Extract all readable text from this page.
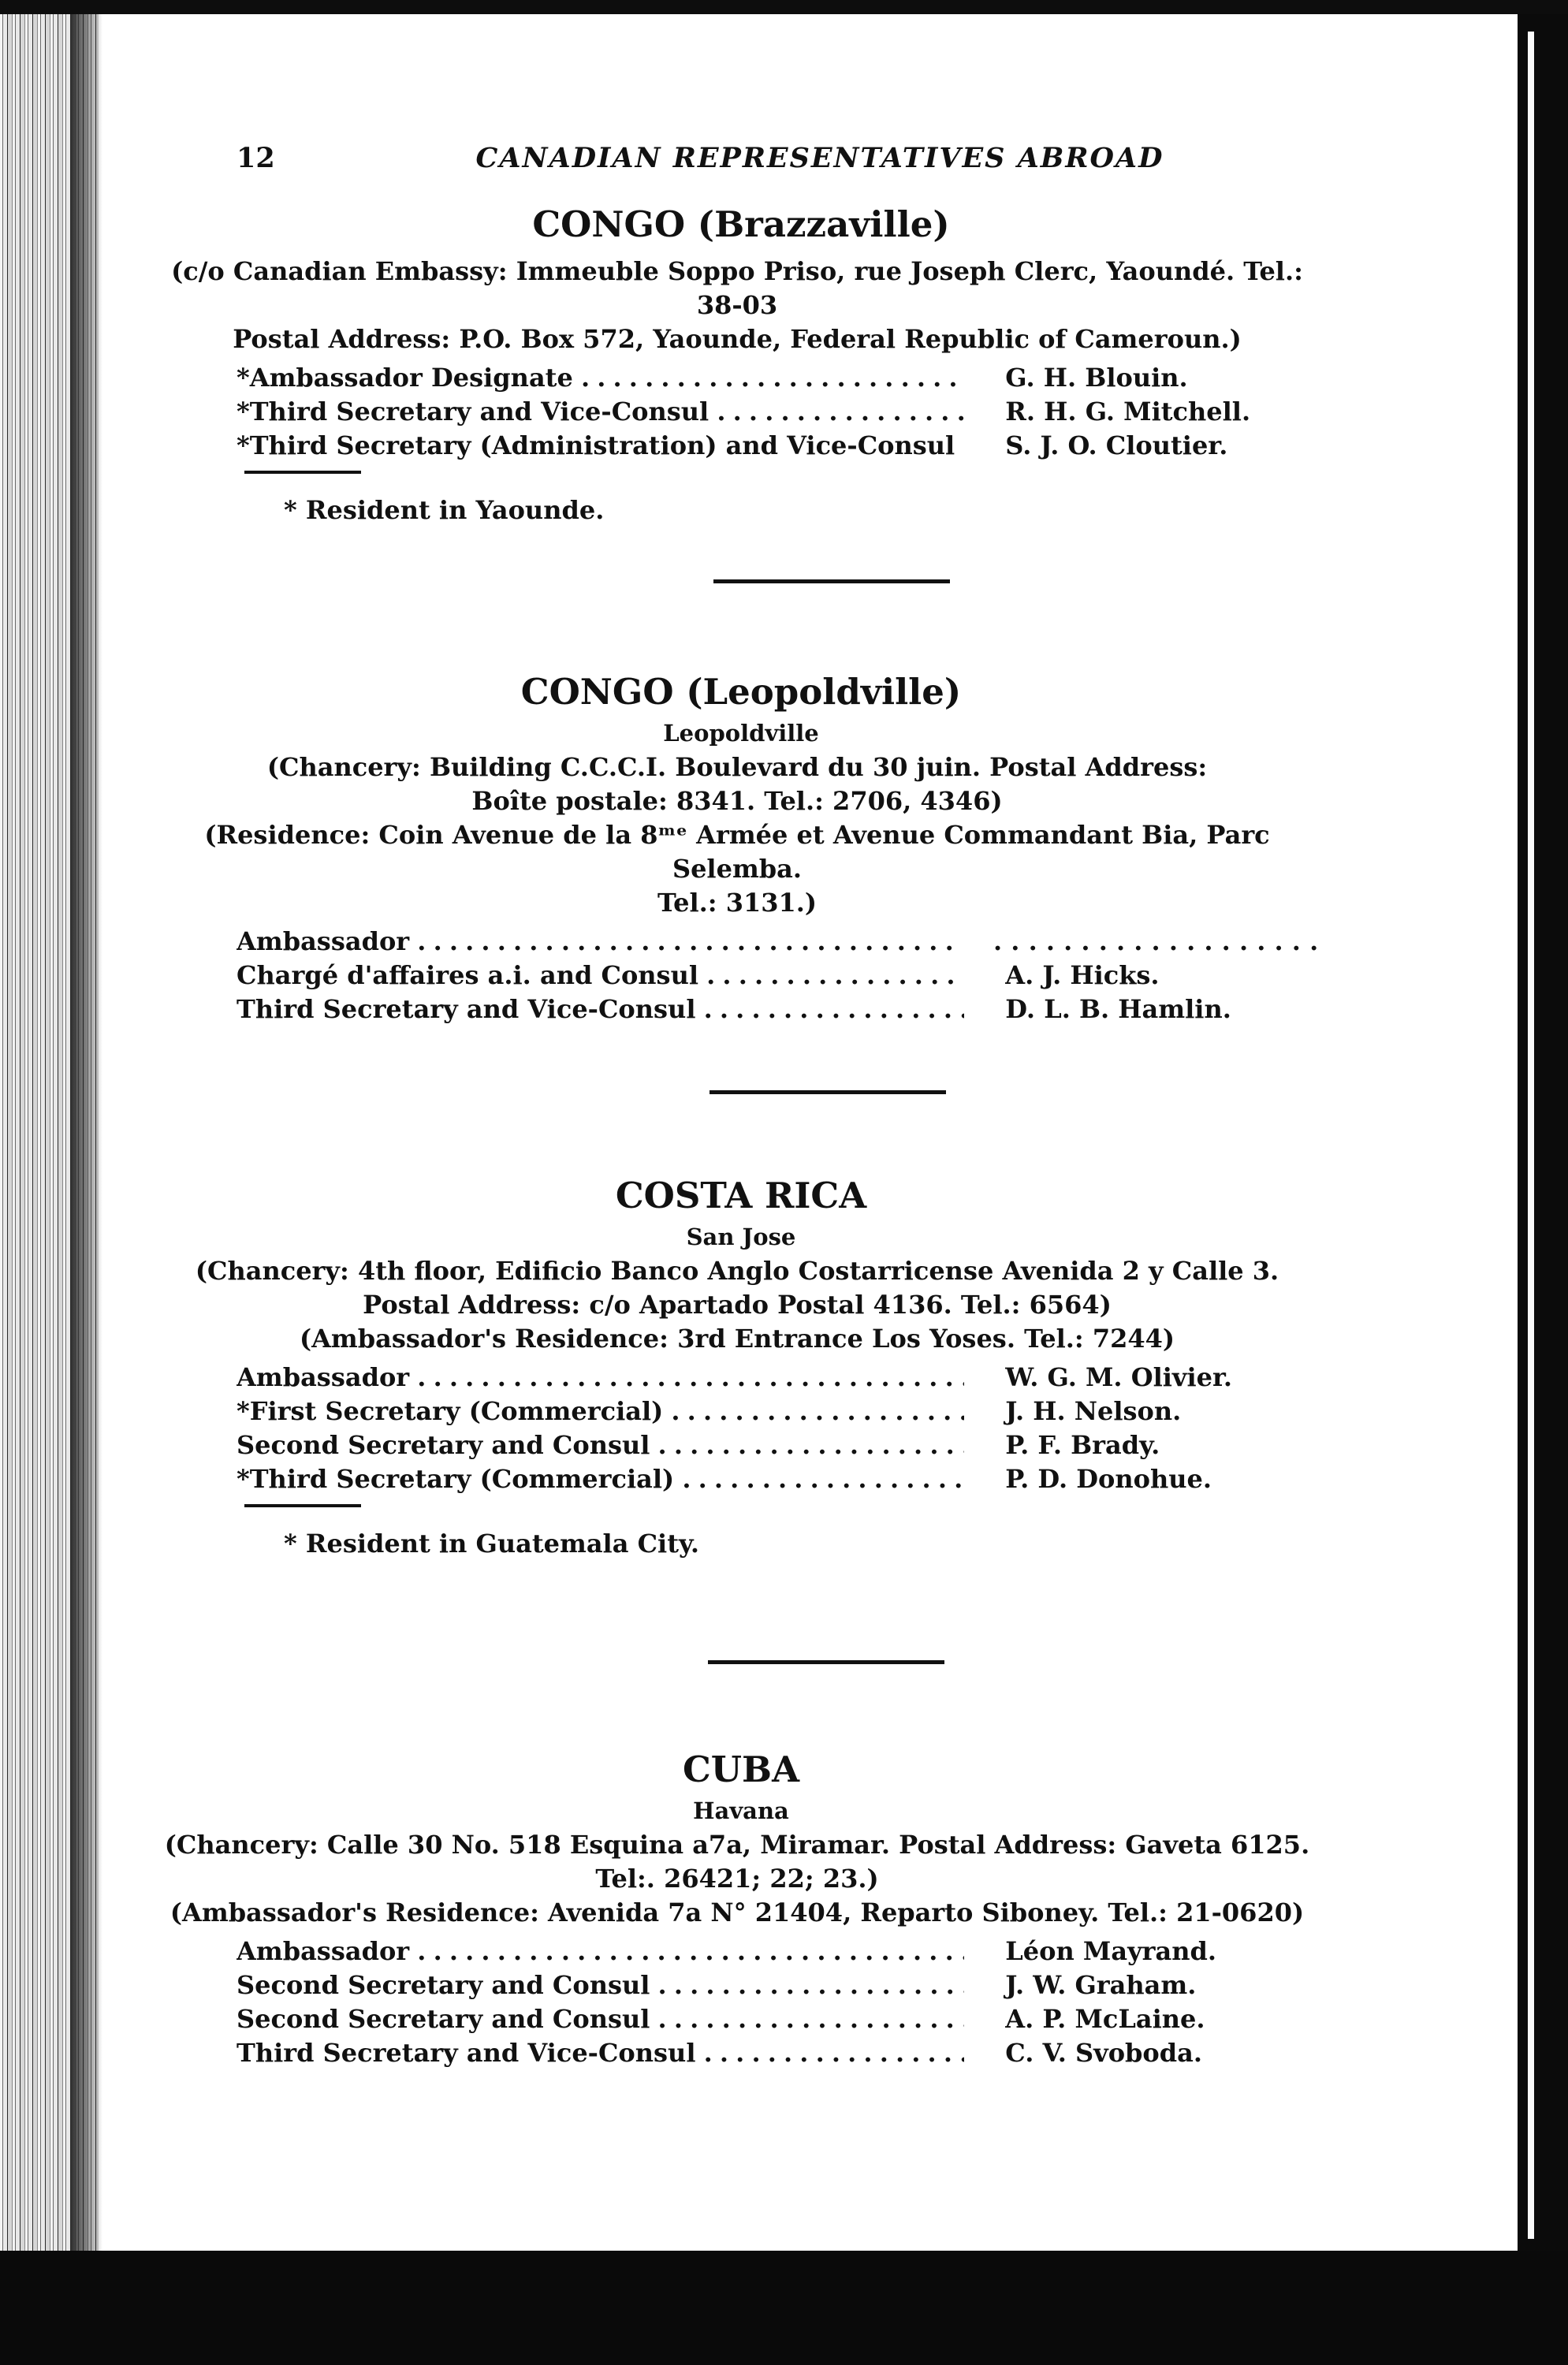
12	CANADIAN REPRESENTATIVES ABROAD
CONGO (Brazzaville)
(c/o Canadian Embassy: Immeuble Soppo Priso, rue Joseph Clerc, Yaoundé. Tel.: 38-03
Postal Address: P.O. Box 572, Yaounde, Federal Republic of Cameroun.)
*Ambassador Designate . . .	G. H. Blouin.
*Third Secretary and Vice-Consul . . .	R. H. G. Mitchell.
*Third Secretary (Administration) and Vice-Consul . . .	S. J. O. Cloutier.
* Resident in Yaounde.
CONGO (Leopoldville)
Leopoldville
(Chancery: Building C.C.C.I. Boulevard du 30 juin. Postal Address:
Boîte postale: 8341. Tel.: 2706, 4346)
(Residence: Coin Avenue de la 8ᵐᵉ Armée et Avenue Commandant Bia, Parc Selemba.
Tel.: 3131.)
Ambassador . . .	. . . . . . . . . . . . . . . . . . .
Chargé d'affaires a.i. and Consul . . .	A. J. Hicks.
Third Secretary and Vice-Consul . . .	D. L. B. Hamlin.
COSTA RICA
San Jose
(Chancery: 4th floor, Edificio Banco Anglo Costarricense Avenida 2 y Calle 3.
Postal Address: c/o Apartado Postal 4136. Tel.: 6564)
(Ambassador's Residence: 3rd Entrance Los Yoses. Tel.: 7244)
Ambassador . . .	W. G. M. Olivier.
*First Secretary (Commercial) . . .	J. H. Nelson.
Second Secretary and Consul . . .	P. F. Brady.
*Third Secretary (Commercial) . . .	P. D. Donohue.
* Resident in Guatemala City.
CUBA
Havana
(Chancery: Calle 30 No. 518 Esquina a7a, Miramar. Postal Address: Gaveta 6125.
Tel:. 26421; 22; 23.)
(Ambassador's Residence: Avenida 7a N° 21404, Reparto Siboney. Tel.: 21-0620)
Ambassador . . .	Léon Mayrand.
Second Secretary and Consul . . .	J. W. Graham.
Second Secretary and Consul . . .	A. P. McLaine.
Third Secretary and Vice-Consul . . .	C. V. Svoboda.
